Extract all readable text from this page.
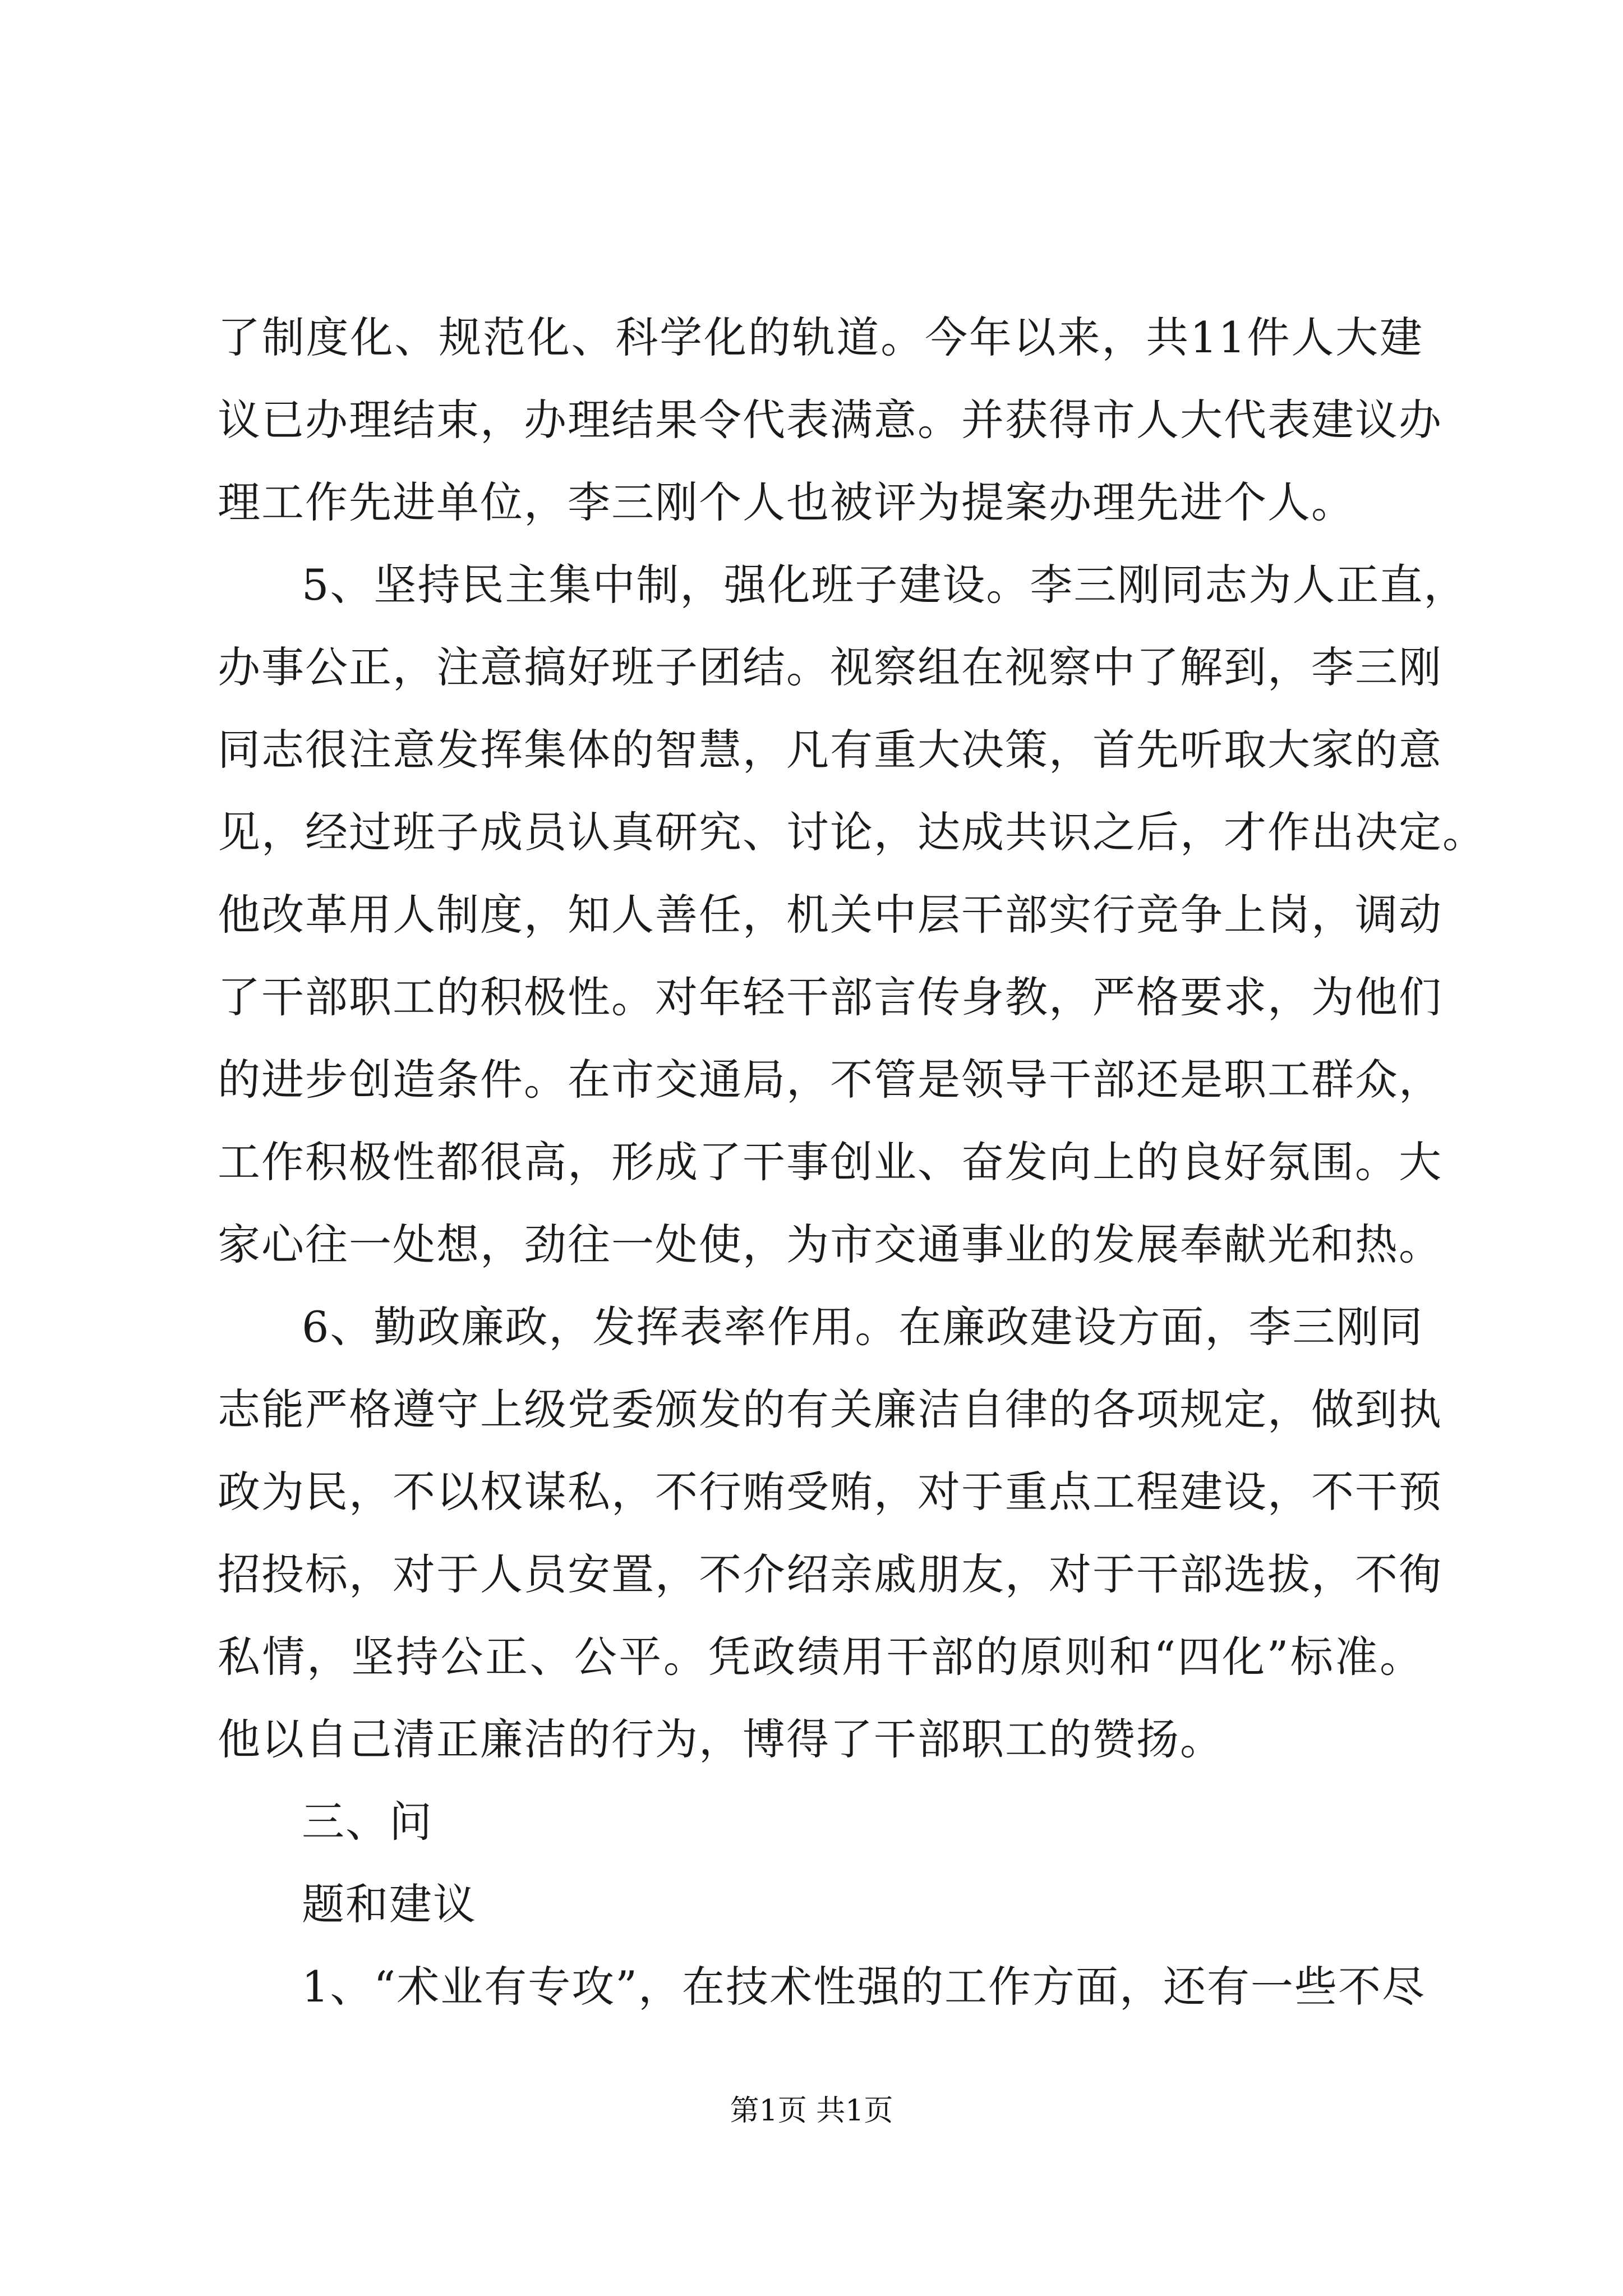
了制度化、规范化、科学化的轨道。今年以来，共11件人大建
议已办理结束，办理结果令代表满意。并获得市人大代表建议办
理工作先进单位，李三刚个人也被评为提案办理先进个人。
5、坚持民主集中制，强化班子建设。李三刚同志为人正直，
办事公正，注意搞好班子团结。视察组在视察中了解到，李三刚
同志很注意发挥集体的智慧，凡有重大决策，首先听取大家的意
见，经过班子成员认真研究、讨论，达成共识之后，才作出决定。
他改革用人制度，知人善任，机关中层干部实行竞争上岗，调动
了干部职工的积极性。对年轻干部言传身教，严格要求，为他们
的进步创造条件。在市交通局，不管是领导干部还是职工群众，
工作积极性都很高，形成了干事创业、奋发向上的良好氛围。大
家心往一处想，劲往一处使，为市交通事业的发展奉献光和热。
6、勤政廉政，发挥表率作用。在廉政建设方面，李三刚同
志能严格遵守上级党委颁发的有关廉洁自律的各项规定，做到执
政为民，不以权谋私，不行贿受贿，对于重点工程建设，不干预
招投标，对于人员安置，不介绍亲戚朋友，对于干部选拔，不徇
私情，坚持公正、公平。凭政绩用干部的原则和“四化”标准。
他以自己清正廉洁的行为，博得了干部职工的赞扬。
三、问
题和建议
1、“术业有专攻”，在技术性强的工作方面，还有一些不尽
第1页 共1页
